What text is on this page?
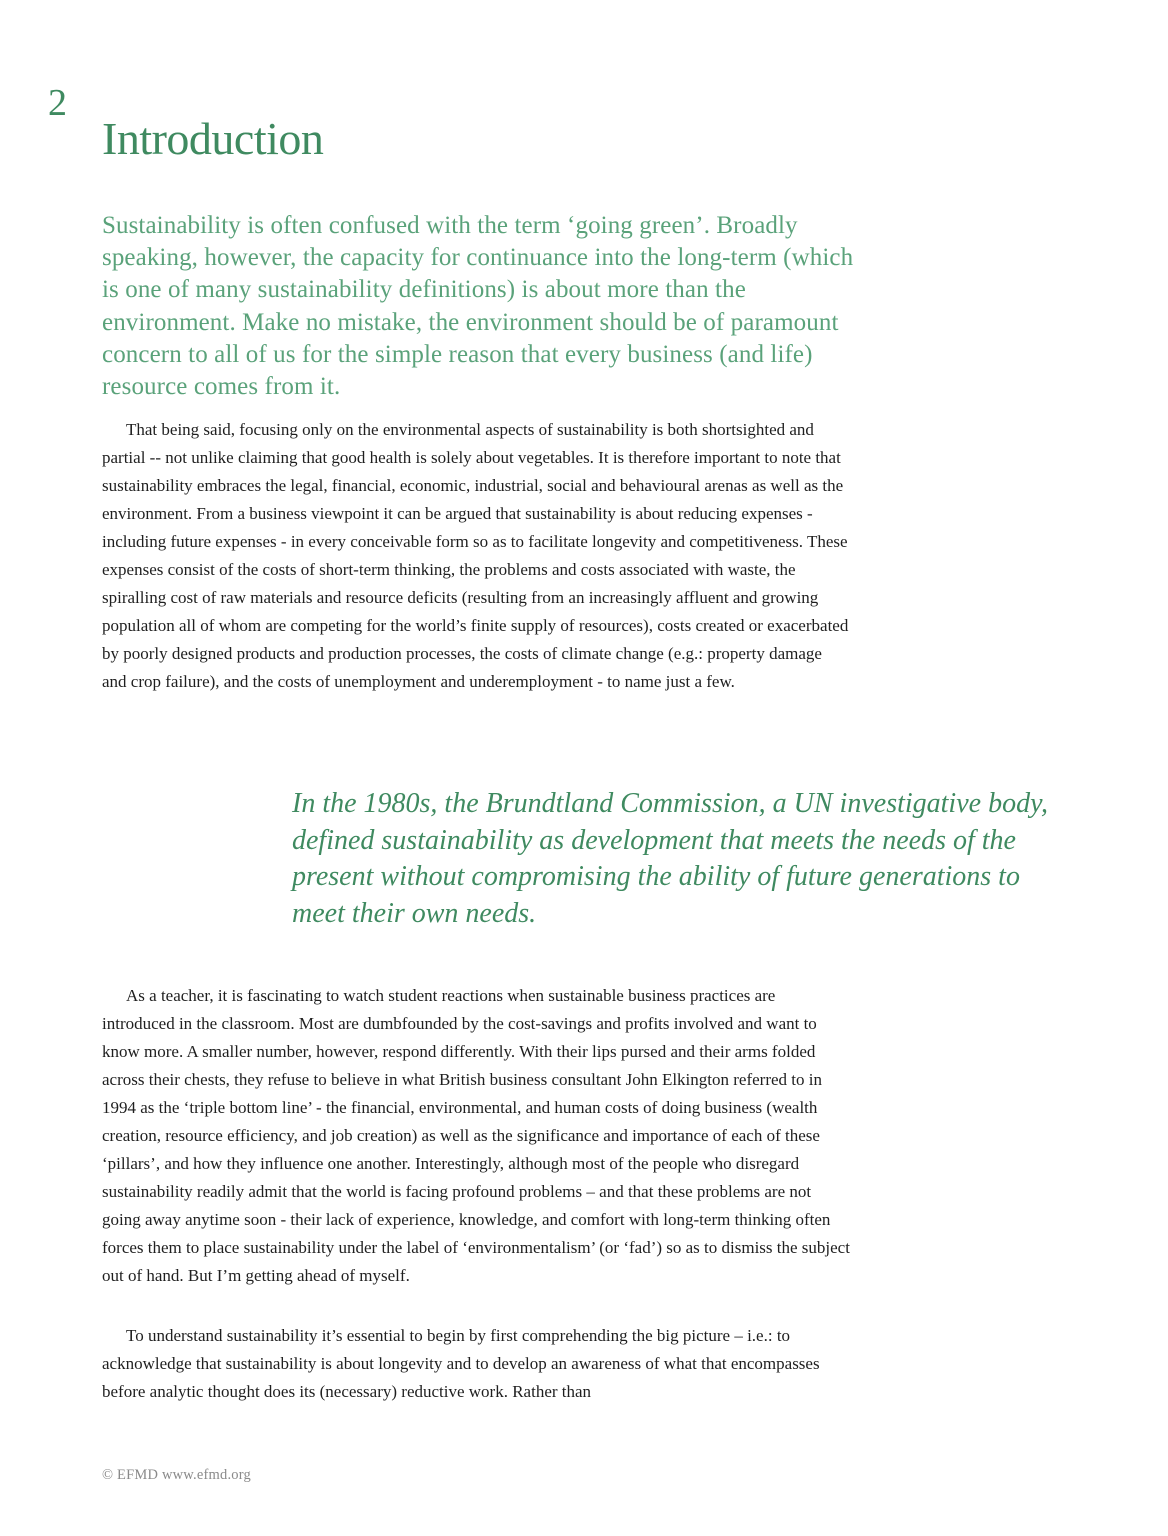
2
Introduction

Sustainability is often confused with the term ‘going green’. Broadly speaking, however, the capacity for continuance into the long-term (which is one of many sustainability definitions) is about more than the environment. Make no mistake, the environment should be of paramount concern to all of us for the simple reason that every business (and life) resource comes from it.

That being said, focusing only on the environmental aspects of sustainability is both shortsighted and partial -- not unlike claiming that good health is solely about vegetables. It is therefore important to note that sustainability embraces the legal, financial, economic, industrial, social and behavioural arenas as well as the environment. From a business viewpoint it can be argued that sustainability is about reducing expenses - including future expenses - in every conceivable form so as to facilitate longevity and competitiveness. These expenses consist of the costs of short-term thinking, the problems and costs associated with waste, the spiralling cost of raw materials and resource deficits (resulting from an increasingly affluent and growing population all of whom are competing for the world’s finite supply of resources), costs created or exacerbated by poorly designed products and production processes, the costs of climate change (e.g.: property damage and crop failure), and the costs of unemployment and underemployment - to name just a few.

In the 1980s, the Brundtland Commission, a UN investigative body, defined sustainability as development that meets the needs of the present without compromising the ability of future generations to meet their own needs.

As a teacher, it is fascinating to watch student reactions when sustainable business practices are introduced in the classroom. Most are dumbfounded by the cost-savings and profits involved and want to know more. A smaller number, however, respond differently. With their lips pursed and their arms folded across their chests, they refuse to believe in what British business consultant John Elkington referred to in 1994 as the ‘triple bottom line’ - the financial, environmental, and human costs of doing business (wealth creation, resource efficiency, and job creation) as well as the significance and importance of each of these ‘pillars’, and how they influence one another. Interestingly, although most of the people who disregard sustainability readily admit that the world is facing profound problems – and that these problems are not going away anytime soon - their lack of experience, knowledge, and comfort with long-term thinking often forces them to place sustainability under the label of ‘environmentalism’ (or ‘fad’) so as to dismiss the subject out of hand. But I’m getting ahead of myself.

To understand sustainability it’s essential to begin by first comprehending the big picture – i.e.: to acknowledge that sustainability is about longevity and to develop an awareness of what that encompasses before analytic thought does its (necessary) reductive work. Rather than

© EFMD www.efmd.org
